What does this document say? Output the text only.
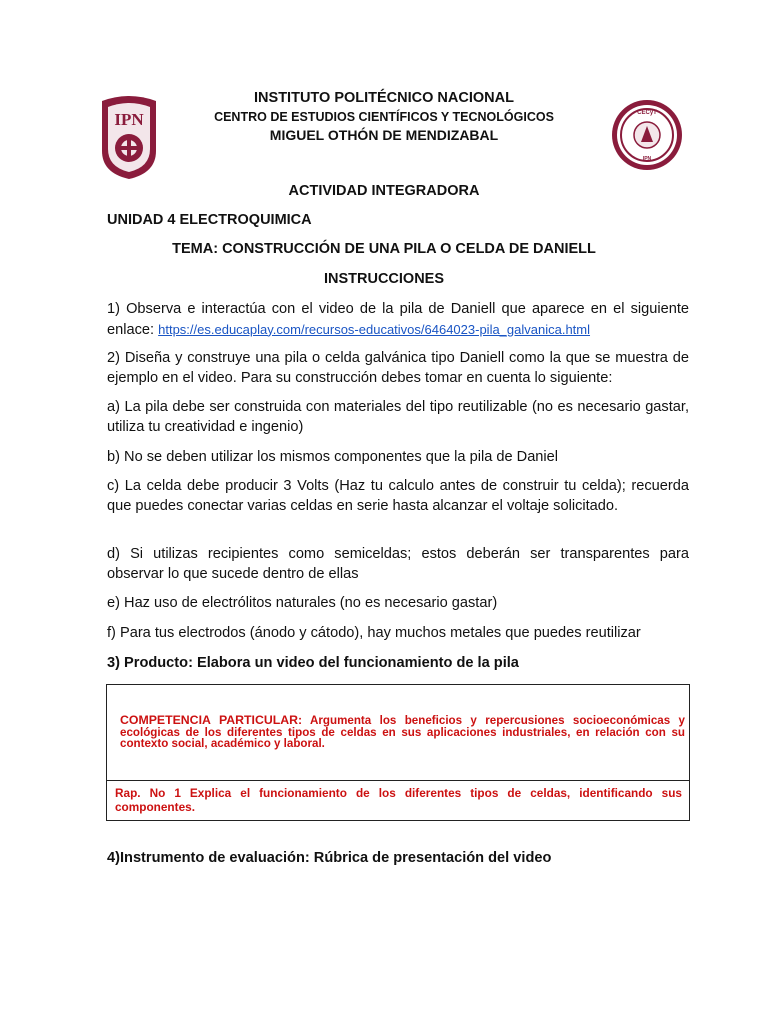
IPN	CECyT
IPN
INSTITUTO POLITÉCNICO NACIONAL
CENTRO DE ESTUDIOS CIENTÍFICOS Y TECNOLÓGICOS
MIGUEL OTHÓN DE MENDIZABAL
ACTIVIDAD INTEGRADORA
UNIDAD 4 ELECTROQUIMICA
TEMA: CONSTRUCCIÓN DE UNA PILA O CELDA DE DANIELL
INSTRUCCIONES
1) Observa e interactúa con el video de la pila de Daniell que aparece en el siguiente enlace: https://es.educaplay.com/recursos-educativos/6464023-pila_galvanica.html
2) Diseña y construye una pila o celda galvánica tipo Daniell como la que se muestra de ejemplo en el video. Para su construcción debes tomar en cuenta lo siguiente:
a) La pila debe ser construida con materiales del tipo reutilizable (no es necesario gastar, utiliza tu creatividad e ingenio)
b) No se deben utilizar los mismos componentes que la pila de Daniel
c) La celda debe producir 3 Volts (Haz tu calculo antes de construir tu celda); recuerda que puedes conectar varias celdas en serie hasta alcanzar el voltaje solicitado.
d) Si utilizas recipientes como semiceldas; estos deberán ser transparentes para observar lo que sucede dentro de ellas
e) Haz uso de electrólitos naturales (no es necesario gastar)
f) Para tus electrodos (ánodo y cátodo), hay muchos metales que puedes reutilizar
3) Producto: Elabora un video del funcionamiento de la pila
COMPETENCIA PARTICULAR: Argumenta los beneficios y repercusiones socioeconómicas y ecológicas de los diferentes tipos de celdas en sus aplicaciones industriales, en relación con su contexto social, académico y laboral.
Rap. No 1 Explica el funcionamiento de los diferentes tipos de celdas, identificando sus componentes.
4)Instrumento de evaluación: Rúbrica de presentación del video
